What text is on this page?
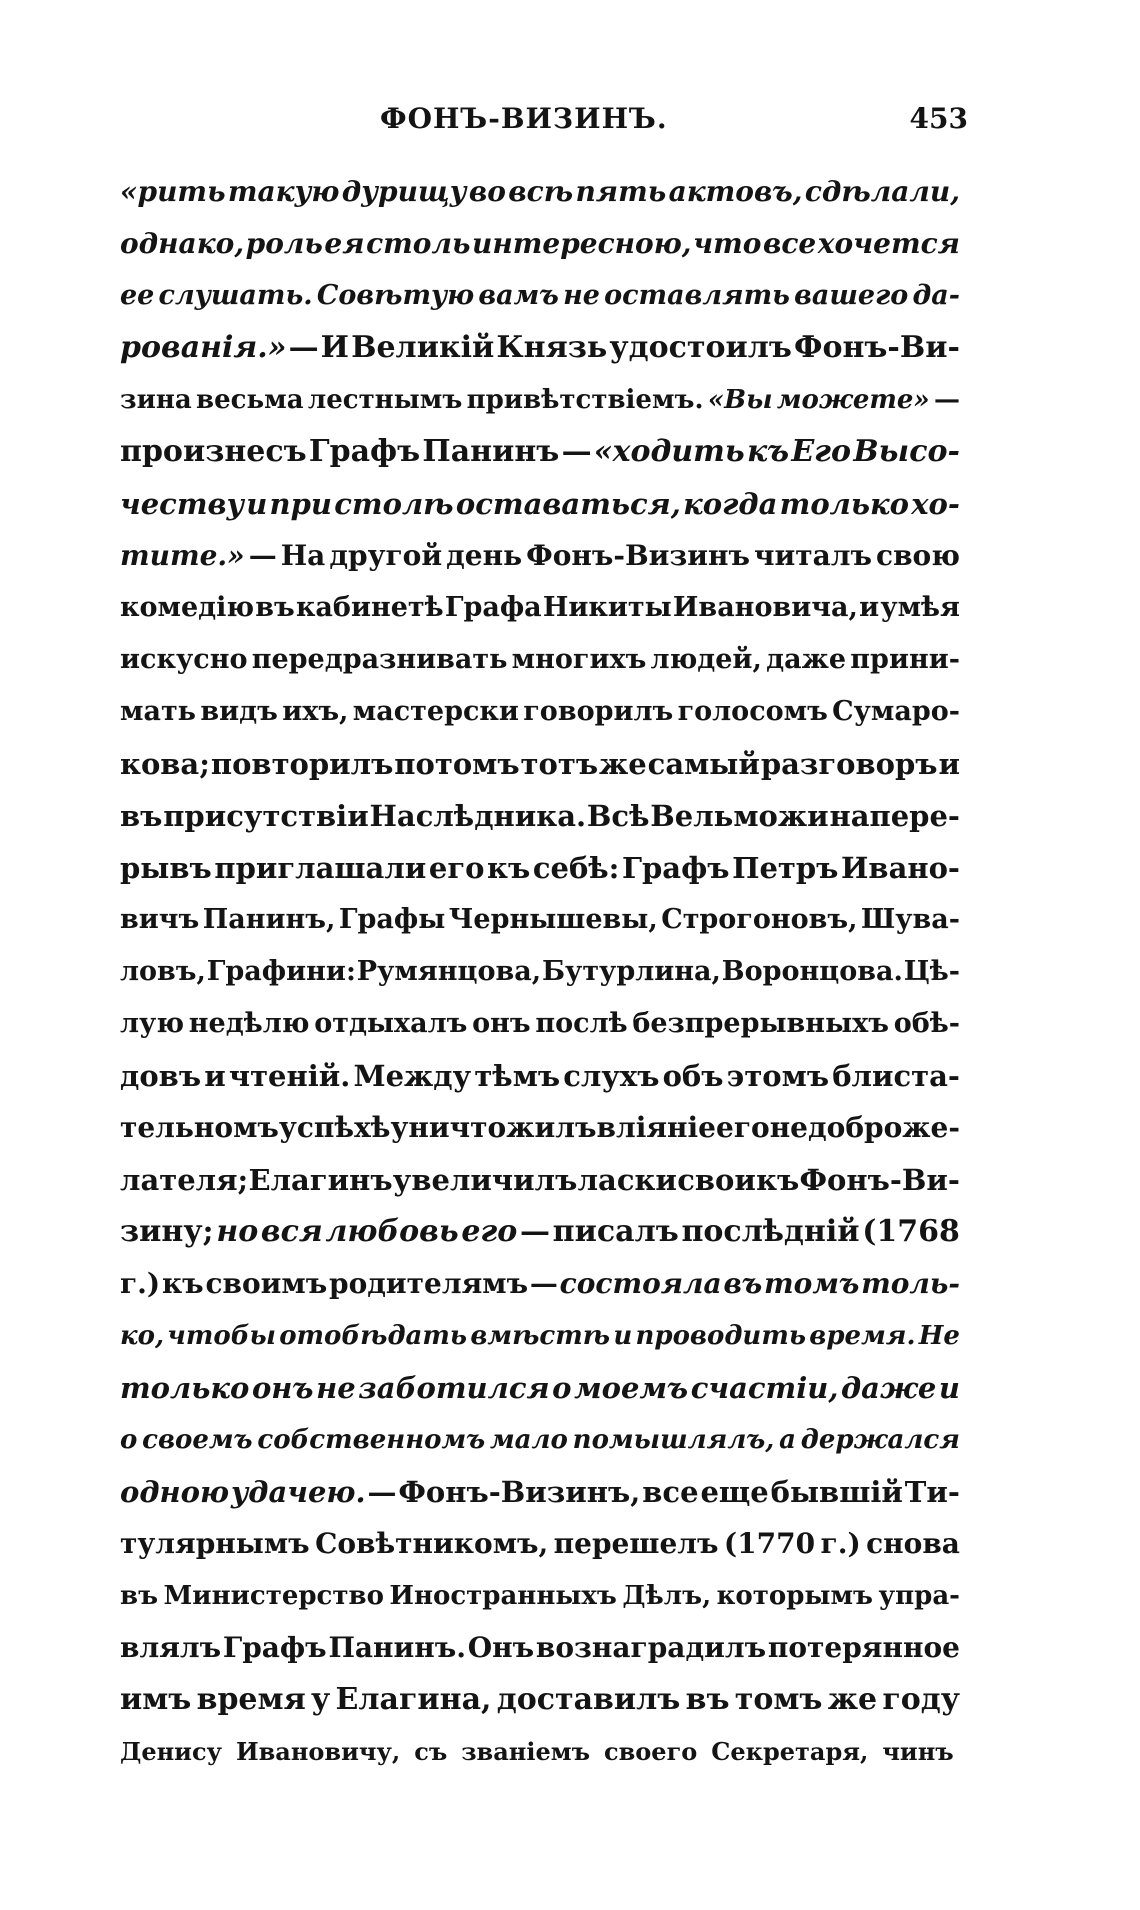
ФОНЪ-ВИЗИНЪ.	453
«рить такую дурищу во всѣ пять актовъ, сдѣлали,
однако, роль ея столь интересною, что все хочется
ее слушать. Совѣтую вамъ не оставлять вашего да-
рованія.» — И Великій Князь удостоилъ Фонъ-Ви-
зина весьма лестнымъ привѣтствіемъ. «Вы можете» —
произнесъ Графъ Панинъ — «ходить къ Его Высо-
честву и при столѣ оставаться, когда только хо-
тите.» — На другой день Фонъ-Визинъ читалъ свою
комедію въ кабинетѣ Графа Никиты Ивановича, и умѣя
искусно передразнивать многихъ людей, даже прини-
мать видъ ихъ, мастерски говорилъ голосомъ Сумаро-
кова; повторилъ потомъ тотъ же самый разговоръ и
въ присутствіи Наслѣдника. Всѣ Вельможи напере-
рывъ приглашали его къ себѣ: Графъ Петръ Ивано-
вичъ Панинъ, Графы Чернышевы, Строгоновъ, Шува-
ловъ, Графини: Румянцова, Бутурлина, Воронцова. Цѣ-
лую недѣлю отдыхалъ онъ послѣ безпрерывныхъ обѣ-
довъ и чтеній. Между тѣмъ слухъ объ этомъ блиста-
тельномъ успѣхѣ уничтожилъ вліяніе его недоброже-
лателя; Елагинъ увеличилъ ласки свои къ Фонъ-Ви-
зину; но вся любовь его — писалъ послѣдній (1768
г.) къ своимъ родителямъ — состояла въ томъ толь-
ко, чтобы отобѣдать вмѣстѣ и проводить время. Не
только онъ не заботился о моемъ счастіи, даже и
о своемъ собственномъ мало помышлялъ, а держался
одною удачею. — Фонъ-Визинъ, все еще бывшій Ти-
тулярнымъ Совѣтникомъ, перешелъ (1770 г.) снова
въ Министерство Иностранныхъ Дѣлъ, которымъ упра-
влялъ Графъ Панинъ. Онъ вознаградилъ потерянное
имъ время у Елагина, доставилъ въ томъ же году
Денису Ивановичу, съ званіемъ своего Секретаря, чинъ
